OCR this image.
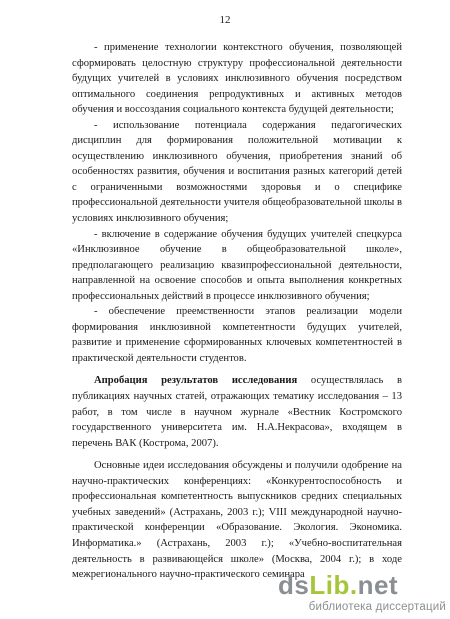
12

- применение технологии контекстного обучения, позволяющей сформировать целостную структуру профессиональной деятельности будущих учителей в условиях инклюзивного обучения посредством оптимального соединения репродуктивных и активных методов обучения и воссоздания социального контекста будущей деятельности;

- использование потенциала содержания педагогических дисциплин для формирования положительной мотивации к осуществлению инклюзивного обучения, приобретения знаний об особенностях развития, обучения и воспитания разных категорий детей с ограниченными возможностями здоровья и о специфике профессиональной деятельности учителя общеобразовательной школы в условиях инклюзивного обучения;

- включение в содержание обучения будущих учителей спецкурса «Инклюзивное обучение в общеобразовательной школе», предполагающего реализацию квазипрофессиональной деятельности, направленной на освоение способов и опыта выполнения конкретных профессиональных действий в процессе инклюзивного обучения;

- обеспечение преемственности этапов реализации модели формирования инклюзивной компетентности будущих учителей, развитие и применение сформированных ключевых компетентностей в практической деятельности студентов.

Апробация результатов исследования осуществлялась в публикациях научных статей, отражающих тематику исследования – 13 работ, в том числе в научном журнале «Вестник Костромского государственного университета им. Н.А.Некрасова», входящем в перечень ВАК (Кострома, 2007).

Основные идеи исследования обсуждены и получили одобрение на научно-практических конференциях: «Конкурентоспособность и профессиональная компетентность выпускников средних специальных учебных заведений» (Астрахань, 2003 г.); VIII международной научно-практической конференции «Образование. Экология. Экономика. Информатика.» (Астрахань, 2003 г.); «Учебно-воспитательная деятельность в развивающейся школе» (Москва, 2004 г.); в ходе межрегионального научно-практического семинара

dsLib.net
библиотека диссертаций
